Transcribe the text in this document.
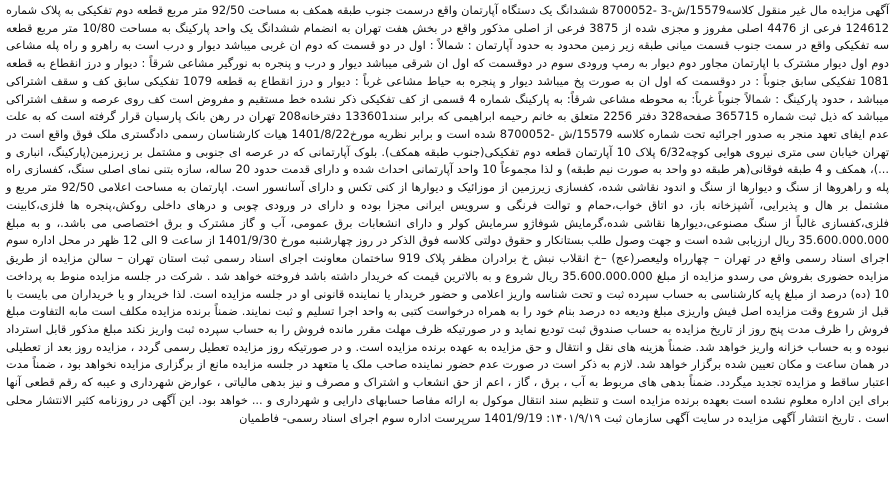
آگهی مزایده مال غیر منقول کلاسه15579/ش-3 -8700052 ششدانگ یک دستگاه آپارتمان واقع درسمت جنوب طبقه همکف به مساحت 92/50 متر مربع قطعه دوم تفکیکی به پلاک شماره 124612 فرعی از 4476 اصلی مفروز و مجزی شده از 3875 فرعی از اصلی مذکور واقع در بخش هفت تهران به انضمام ششدانگ یک واحد پارکینگ به مساحت 10/80 متر مربع قطعه سه تفکیکی واقع در سمت جنوب قسمت میانی طبقه زیر زمین محدود به حدود آپارتمان : شمالاً : اول در دو قسمت که دوم ان غربی میباشد دیوار و درب است به راهرو و راه پله مشاعی دوم اول دیوار مشترک با اپارتمان مجاور دوم دیوار به رمپ ورودی سوم در دوقسمت که اول ان شرقی میباشد دیوار و درب و پنجره به نورگیر مشاعی شرقاً : دیوار و درز انقطاع به قطعه 1081 تفکیکی سابق جنوباً : در دوقسمت که اول ان به صورت پخ میباشد دیوار و پنجره به حیاط مشاعی غرباً : دیوار و درز انقطاع به قطعه 1079 تفکیکی سابق کف و سقف اشتراکی میباشد ، حدود پارکینگ : شمالاً جنوباً غرباً: به محوطه مشاعی شرقاً: به پارکینگ شماره 4 قسمی از کف تفکیکی ذکر نشده خط مستقیم و مفروض است کف روی عرصه و سقف اشتراکی میباشد که ذیل ثبت شماره 365715 صفحه328 دفتر 2256 متعلق به خانم رحیمه ابراهیمی که برابر سند133601 دفترخانه208 تهران در رهن بانک پارسیان قرار گرفته است که به علت عدم ایفای تعهد منجر به صدور اجرائیه تحت شماره کلاسه 15579/ش -8700052 شده است و برابر نظریه مورخ1401/8/22 هیات کارشناسان رسمی دادگستری ملک فوق واقع است در تهران خیابان سی متری نیروی هوایی کوچه6/32 پلاک 10 آپارتمان قطعه دوم تفکیکی(جنوب طبقه همکف). بلوک آپارتمانی که در عرصه ای جنوبی و مشتمل بر زیرزمین(پارکینگ، انباری و ...)، همکف و 4 طبقه فوقانی(هر طبقه دو واحد به صورت نیم طبقه) و لذا مجموعاً 10 واحد آپارتمانی احداث شده و دارای قدمت حدود 20 ساله، سازه بتنی نمای اصلی سنگ، کفسازی راه پله و راهروها از سنگ و دیوارها از سنگ و اندود نقاشی شده، کفسازی زیرزمین از موزائیک و دیوارها از کنی تکس و دارای آسانسور است. اپارتمان به مساحت اعلامی 92/50 متر مربع و مشتمل بر هال و پذیرایی، آشپزخانه باز، دو اتاق خواب،حمام و توالت فرنگی و سرویس ایرانی مجزا بوده و دارای در ورودی چوبی و درهای داخلی روکش،پنجره ها فلزی،کابینت فلزی،کفسازی غالباً از سنگ مصنوعی،دیوارها نقاشی شده،گرمایش شوفاژو سرمایش کولر و دارای انشعابات برق عمومی، آب و گاز مشترک و برق اختصاصی می باشد.، و به مبلغ 35.600.000.000 ریال ارزیابی شده است و جهت وصول طلب بستانکار و حقوق دولتی کلاسه فوق الذکر در روز چهارشنبه مورخ 1401/9/30 از ساعت 9 الی 12 ظهر در محل اداره سوم اجرای اسناد رسمی واقع در تهران – چهارراه ولیعصر(عج) –خ انقلاب نبش خ برادران مظفر پلاک 919 ساختمان معاونت اجرای اسناد رسمی ثبت استان تهران – سالن مزایده از طریق مزایده حضوری بفروش می رسدو مزایده از مبلغ 35.600.000.000 ریال شروع و به بالاترین قیمت که خریدار داشته باشد فروخته خواهد شد . شرکت در جلسه مزایده منوط به پرداخت 10 (ده) درصد از مبلغ پایه کارشناسی به حساب سپرده ثبت و تحت شناسه واریز اعلامی و حضور خریدار یا نماینده قانونی او در جلسه مزایده است. لذا خریدار و یا خریداران می بایست با قبل از شروع وقت مزایده اصل فیش واریزی مبلغ ودیعه ده درصد بنام خود را به همراه درخواست کتبی به واحد اجرا تسلیم و ثبت نمایند. ضمناً برنده مزایده مکلف است مابه التفاوت مبلغ فروش را ظرف مدت پنج روز از تاریخ مزایده به حساب صندوق ثبت تودیع نماید و در صورتیکه ظرف مهلت مقرر مانده فروش را به حساب سپرده ثبت واریز نکند مبلغ مذکور قابل استرداد نبوده و به حساب خزانه واریز خواهد شد. ضمناً هزینه های نقل و انتقال و حق مزایده به عهده برنده مزایده است. و در صورتیکه روز مزایده تعطیل رسمی گردد ، مزایده روز بعد از تعطیلی در همان ساعت و مکان تعیین شده برگزار خواهد شد. لازم به ذکر است در صورت عدم حضور نماینده صاحب ملک یا متعهد در جلسه مزایده مانع از برگزاری مزایده نخواهد بود ، ضمناً مدت اعتبار ساقط و مزایده تجدید میگردد. ضمناً بدهی های مربوط به آب ، برق ، گاز ، اعم از حق انشعاب و اشتراک و مصرف و نیز بدهی مالیاتی ، عوارض شهرداری و عیبه که رقم قطعی آنها برای این اداره معلوم نشده است بعهده برنده مزایده است و تنظیم سند انتقال موکول به ارائه مفاصا حسابهای دارایی و شهرداری و ... خواهد بود. این آگهی در روزنامه کثیر الانتشار محلی است . تاریخ انتشار آگهی مزایده در سایت آگهی سازمان ثبت ۱۴۰۱/۹/۱۹: 1401/9/19 سرپرست اداره سوم اجرای اسناد رسمی- فاطمیان
